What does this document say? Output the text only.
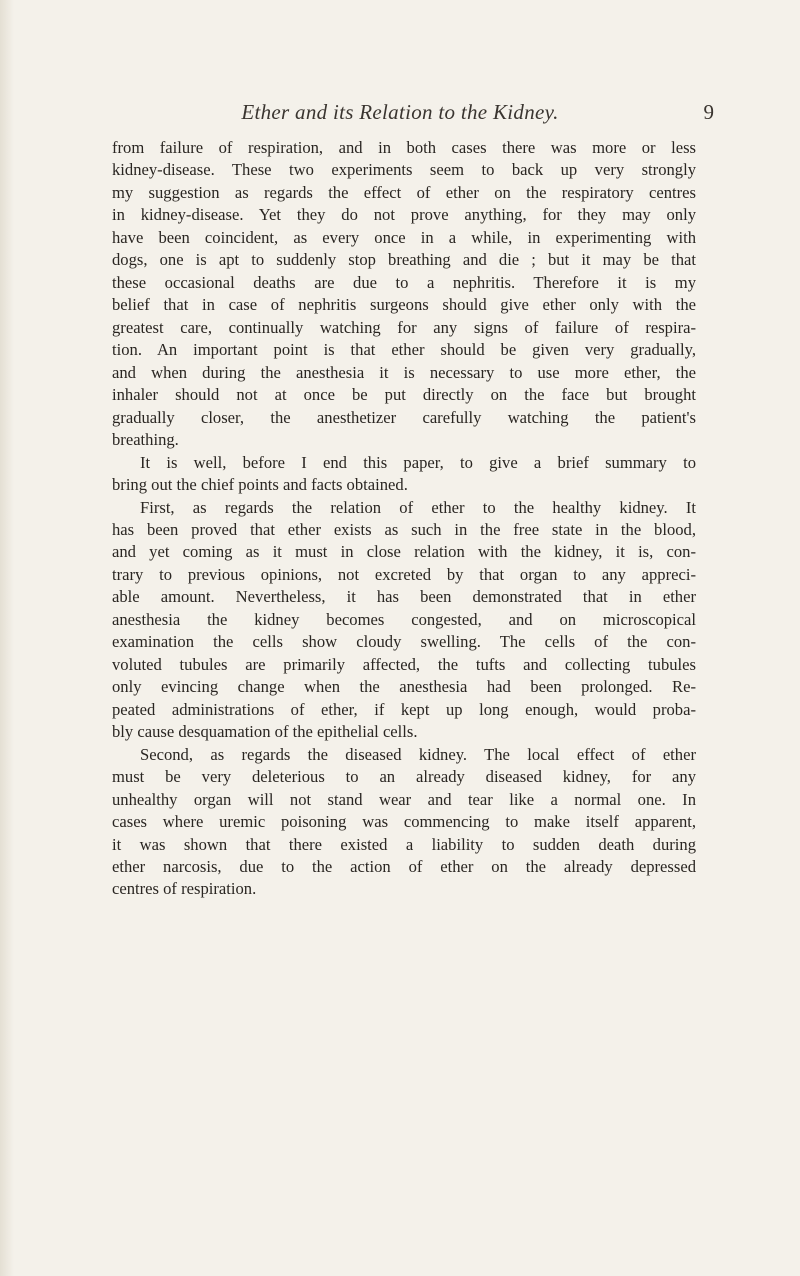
Ether and its Relation to the Kidney.	9
from failure of respiration, and in both cases there was more or less
kidney-disease. These two experiments seem to back up very strongly
my suggestion as regards the effect of ether on the respiratory centres
in kidney-disease. Yet they do not prove anything, for they may only
have been coincident, as every once in a while, in experimenting with
dogs, one is apt to suddenly stop breathing and die ; but it may be that
these occasional deaths are due to a nephritis. Therefore it is my
belief that in case of nephritis surgeons should give ether only with the
greatest care, continually watching for any signs of failure of respira-
tion. An important point is that ether should be given very gradually,
and when during the anesthesia it is necessary to use more ether, the
inhaler should not at once be put directly on the face but brought
gradually closer, the anesthetizer carefully watching the patient's
breathing.
It is well, before I end this paper, to give a brief summary to
bring out the chief points and facts obtained.
First, as regards the relation of ether to the healthy kidney. It
has been proved that ether exists as such in the free state in the blood,
and yet coming as it must in close relation with the kidney, it is, con-
trary to previous opinions, not excreted by that organ to any appreci-
able amount. Nevertheless, it has been demonstrated that in ether
anesthesia the kidney becomes congested, and on microscopical
examination the cells show cloudy swelling. The cells of the con-
voluted tubules are primarily affected, the tufts and collecting tubules
only evincing change when the anesthesia had been prolonged. Re-
peated administrations of ether, if kept up long enough, would proba-
bly cause desquamation of the epithelial cells.
Second, as regards the diseased kidney. The local effect of ether
must be very deleterious to an already diseased kidney, for any
unhealthy organ will not stand wear and tear like a normal one. In
cases where uremic poisoning was commencing to make itself apparent,
it was shown that there existed a liability to sudden death during
ether narcosis, due to the action of ether on the already depressed
centres of respiration.
